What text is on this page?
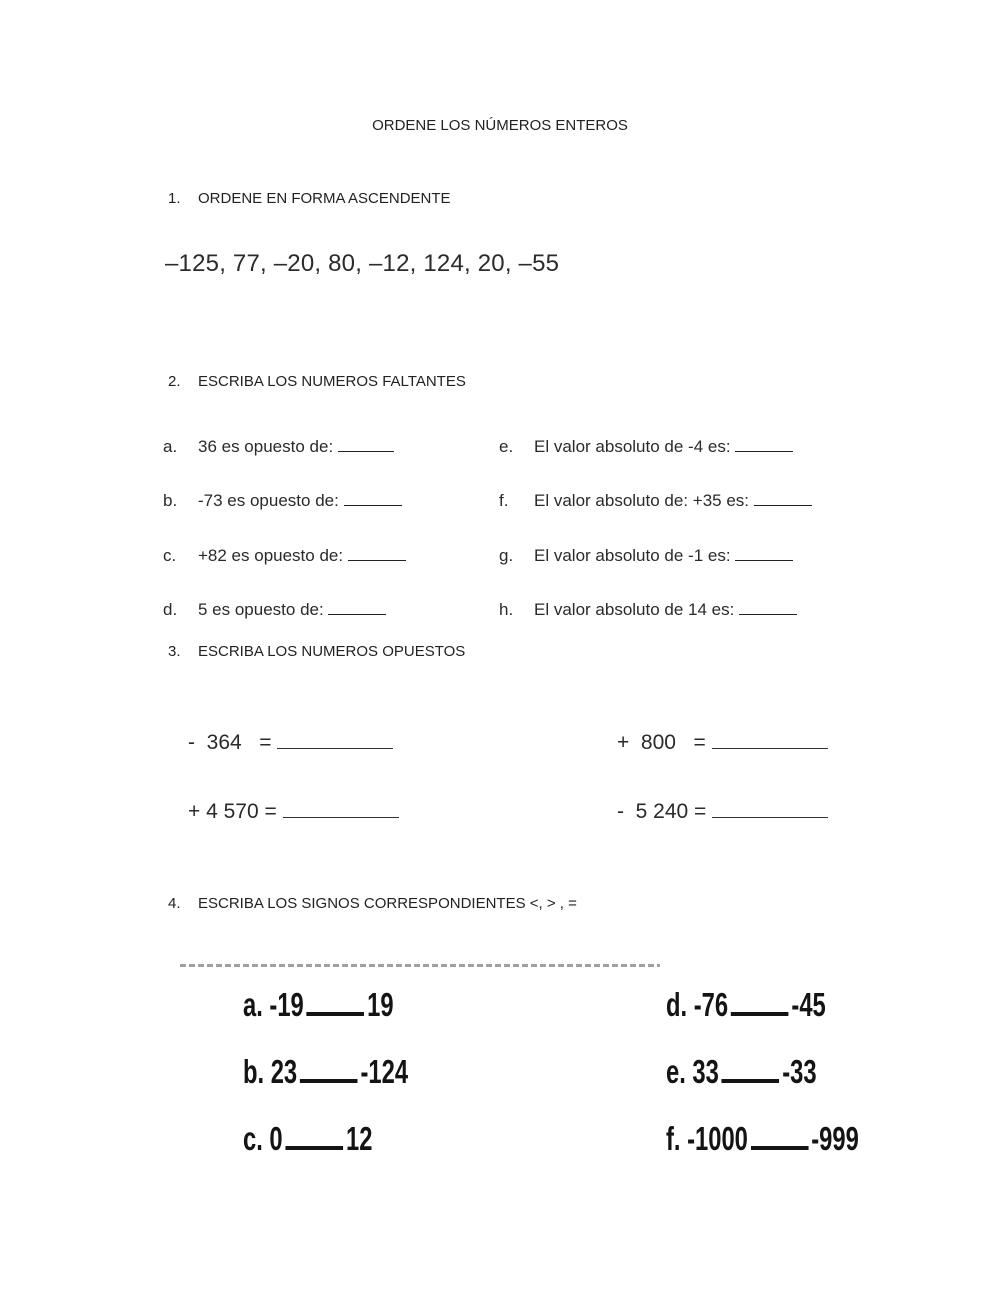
ORDENE LOS NÚMEROS ENTEROS
1. ORDENE EN FORMA ASCENDENTE
–125, 77, –20, 80, –12, 124, 20, –55
2. ESCRIBA LOS NUMEROS FALTANTES
a. 36 es opuesto de:
b. -73 es opuesto de:
c. +82 es opuesto de:
d. 5 es opuesto de:
e. El valor absoluto de -4 es:
f. El valor absoluto de: +35 es:
g. El valor absoluto de -1 es:
h. El valor absoluto de 14 es:
3. ESCRIBA LOS NUMEROS OPUESTOS
-  364   =	+  800   =
+ 4 570 =	-  5 240 =
4. ESCRIBA LOS SIGNOS CORRESPONDIENTES <, > , =
a. -19 19
b. 23 -124
c. 0 12
d. -76 -45
e. 33 -33
f. -1000 -999
